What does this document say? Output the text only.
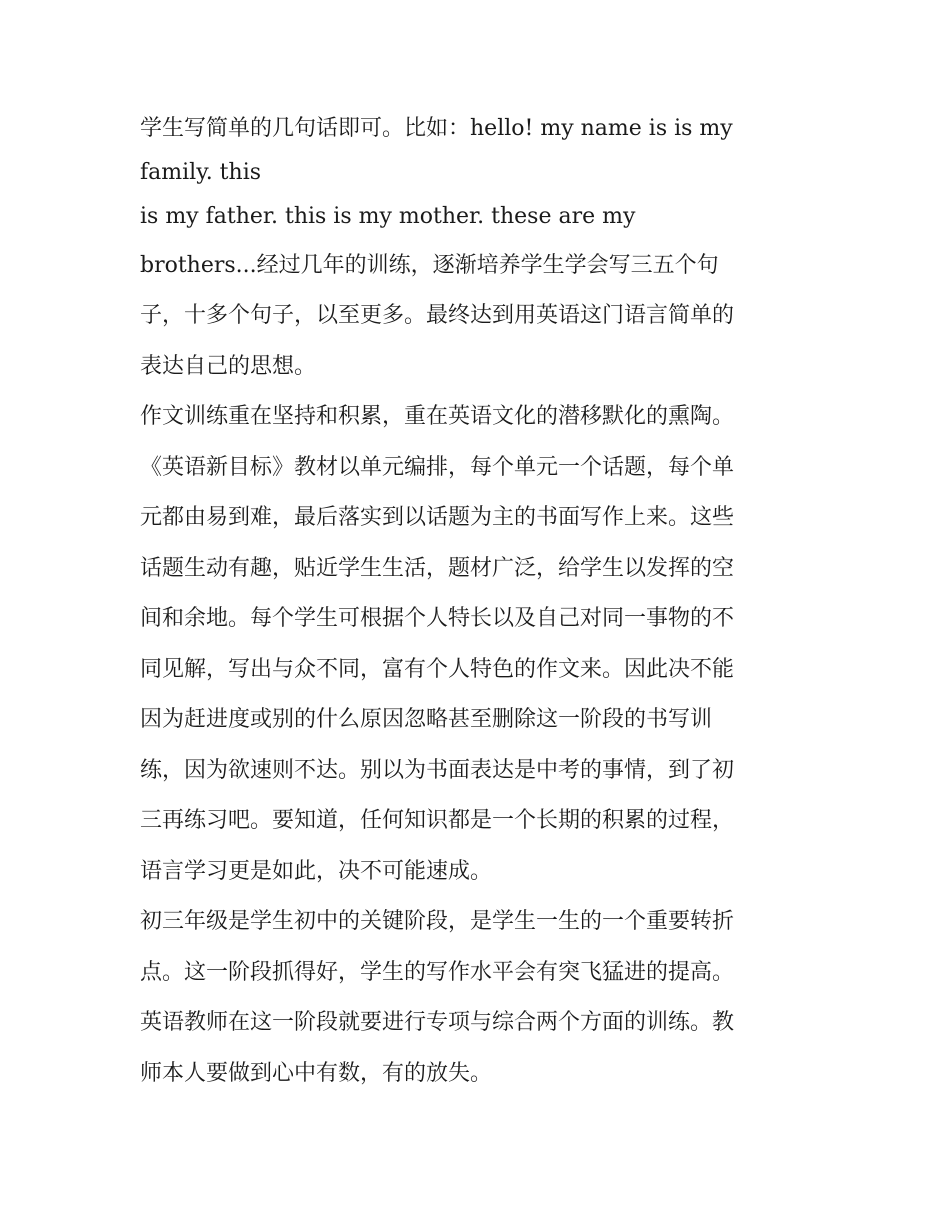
学生写简单的几句话即可。比如：hello! my name is is my
family. this
is my father. this is my mother. these are my
brothers...经过几年的训练，逐渐培养学生学会写三五个句
子，十多个句子，以至更多。最终达到用英语这门语言简单的
表达自己的思想。
作文训练重在坚持和积累，重在英语文化的潜移默化的熏陶。
《英语新目标》教材以单元编排，每个单元一个话题，每个单
元都由易到难，最后落实到以话题为主的书面写作上来。这些
话题生动有趣，贴近学生生活，题材广泛，给学生以发挥的空
间和余地。每个学生可根据个人特长以及自己对同一事物的不
同见解，写出与众不同，富有个人特色的作文来。因此决不能
因为赶进度或别的什么原因忽略甚至删除这一阶段的书写训
练，因为欲速则不达。别以为书面表达是中考的事情，到了初
三再练习吧。要知道，任何知识都是一个长期的积累的过程，
语言学习更是如此，决不可能速成。
初三年级是学生初中的关键阶段，是学生一生的一个重要转折
点。这一阶段抓得好，学生的写作水平会有突飞猛进的提高。
英语教师在这一阶段就要进行专项与综合两个方面的训练。教
师本人要做到心中有数，有的放失。
